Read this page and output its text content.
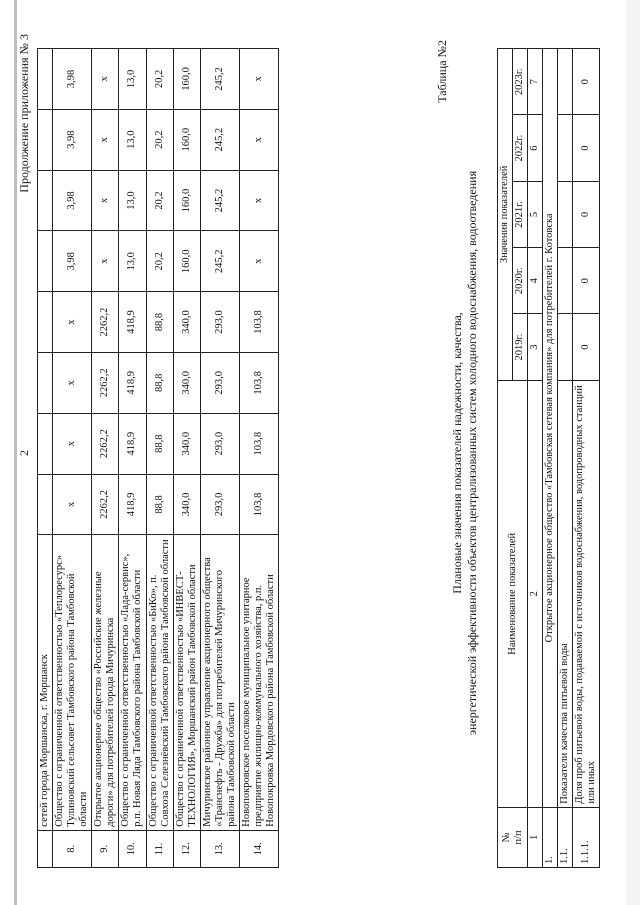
2
Продолжение приложения № 3
	сетей города Моршанска, г. Моршанск								
8.	Общество с ограниченной ответственностью «Теплоресурс» Тулиновский сельсовет Тамбовского района Тамбовской области	x	x	x	x	3,98	3,98	3,98	3,98
9.	Открытое акционерное общество «Российские железные дороги» для потребителей города Мичуринска	2262,2	2262,2	2262,2	2262,2	x	x	x	x
10.	Общество с ограниченной ответственностью «Лада-сервис», р.п. Новая Лядa Тамбовского района Тамбовской области	418,9	418,9	418,9	418,9	13,0	13,0	13,0	13,0
11.	Общество с ограниченной ответственностью «БиКо», п. Совхоза Селезнёвский Тамбовского района Тамбовской области	88,8	88,8	88,8	88,8	20,2	20,2	20,2	20,2
12.	Общество с ограниченной ответственностью «ИНВЕСТ-ТЕХНОЛОГИЯ», Моршанский район Тамбовской области	340,0	340,0	340,0	340,0	160,0	160,0	160,0	160,0
13.	Мичуринское районное управление акционерного общества «Транснефть - Дружба» для потребителей Мичуринского района Тамбовской области	293,0	293,0	293,0	293,0	245,2	245,2	245,2	245,2
14.	Новопокровское поселковое муниципальное унитарное предприятие жилищно-коммунального хозяйства, р.п. Новопокровка Мордовского района Тамбовской области	103,8	103,8	103,8	103,8	x	x	x	x	Таблица №2
Плановые значения показателей надежности, качества, энергетической эффективности объектов централизованных систем холодного водоснабжения, водоотведения
№
п/п	Наименование показателей	Значения показателей				
		2019г.	2020г.	2021г.	2022г.	2023г.
1	2	3	4	5	6	7
1.	Открытое акционерное общество «Тамбовская сетевая компания» для потребителей г. Котовска					
1.1.	Показатели качества питьевой воды					
1.1.1.	Доля проб питьевой воды, подаваемой с источников водоснабжения, водопроводных станций или иных	0	0	0	0	0
